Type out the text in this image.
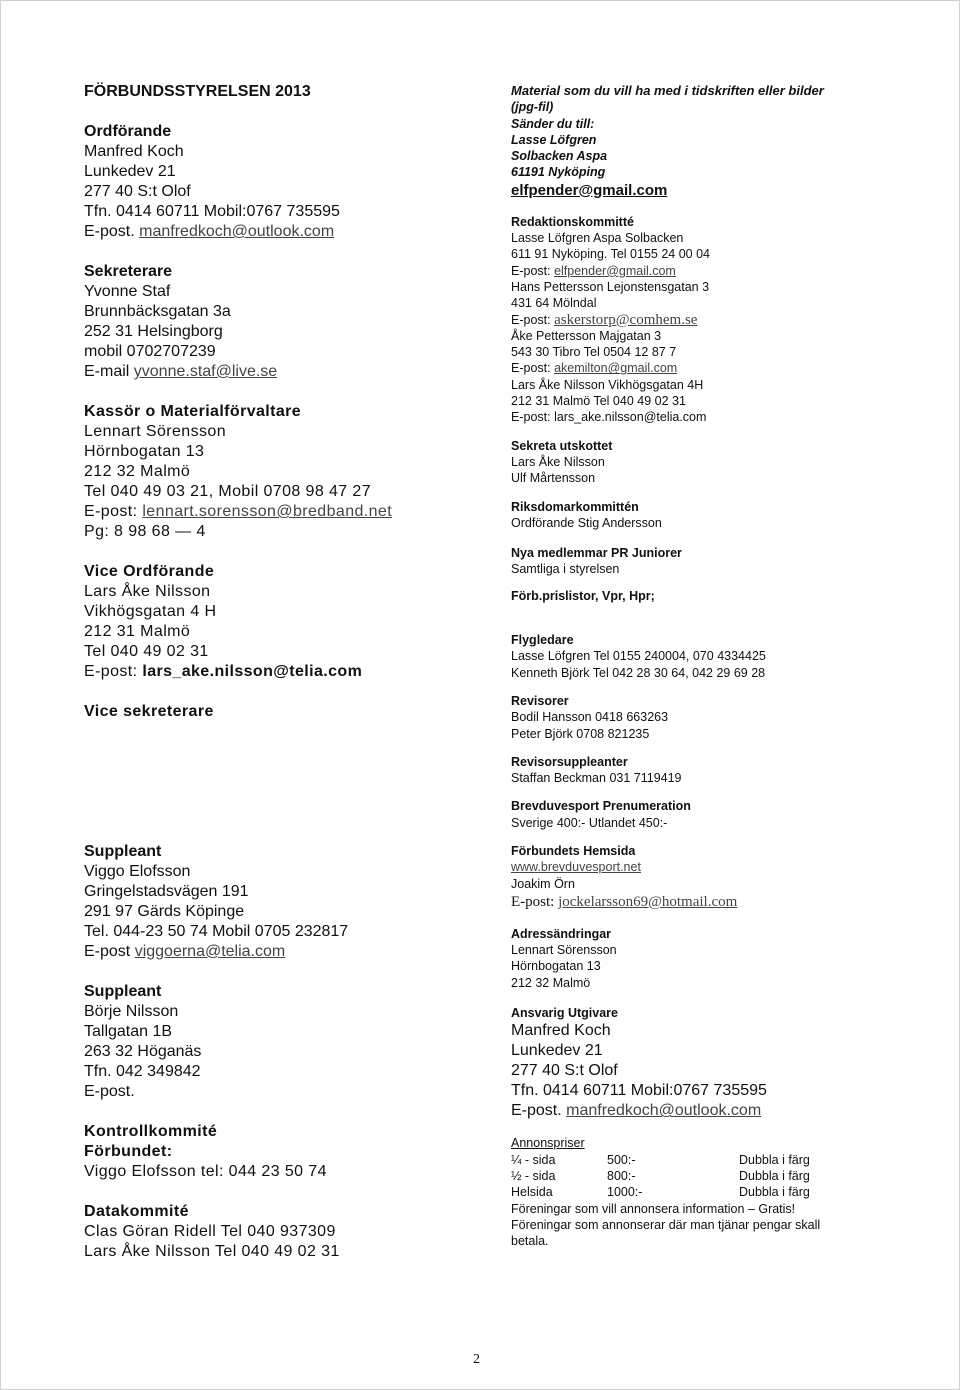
FÖRBUNDSSTYRELSEN 2013
Ordförande
Manfred Koch
Lunkedev 21
277 40 S:t Olof
Tfn. 0414 60711 Mobil:0767 735595
E-post. manfredkoch@outlook.com
Sekreterare
Yvonne Staf
Brunnbäcksgatan 3a
252 31 Helsingborg
mobil 0702707239
E-mail yvonne.staf@live.se
Kassör o Materialförvaltare
Lennart Sörensson
Hörnbogatan 13
212 32 Malmö
Tel 040 49 03 21, Mobil 0708 98 47 27
E-post: lennart.sorensson@bredband.net
Pg: 8 98 68 — 4
Vice Ordförande
Lars Åke Nilsson
Vikhögsgatan 4 H
212 31 Malmö
Tel 040 49 02 31
E-post: lars_ake.nilsson@telia.com
Vice sekreterare
Suppleant
Viggo Elofsson
Gringelstadsvägen 191
291 97 Gärds Köpinge
Tel. 044-23 50 74 Mobil 0705 232817
E-post viggoerna@telia.com
Suppleant
Börje Nilsson
Tallgatan 1B
263 32 Höganäs
Tfn. 042 349842
E-post.
Kontrollkommité
Förbundet:
Viggo Elofsson tel: 044 23 50 74
Datakommité
Clas Göran Ridell Tel 040 937309
Lars Åke Nilsson Tel 040 49 02 31
Material som du vill ha med i tidskriften eller bilder
(jpg-fil)
Sänder du till:
Lasse Löfgren
Solbacken Aspa
61191 Nyköping
elfpender@gmail.com
Redaktionskommitté
Lasse Löfgren Aspa Solbacken
611 91 Nyköping. Tel 0155 24 00 04
E-post: elfpender@gmail.com
Hans Pettersson Lejonstensgatan 3
431 64 Mölndal
E-post: askerstorp@comhem.se
Åke Pettersson Majgatan 3
543 30 Tibro Tel 0504 12 87 7
E-post: akemilton@gmail.com
Lars Åke Nilsson Vikhögsgatan 4H
212 31 Malmö Tel 040 49 02 31
E-post: lars_ake.nilsson@telia.com
Sekreta utskottet
Lars Åke Nilsson
Ulf Mårtensson
Riksdomarkommittén
Ordförande Stig Andersson
Nya medlemmar PR Juniorer
Samtliga i styrelsen
Förb.prislistor, Vpr, Hpr;
Flygledare
Lasse Löfgren Tel 0155 240004, 070 4334425
Kenneth Björk Tel 042 28 30 64, 042 29 69 28
Revisorer
Bodil Hansson 0418 663263
Peter Björk 0708 821235
Revisorsuppleanter
Staffan Beckman 031 7119419
Brevduvesport Prenumeration
Sverige 400:- Utlandet 450:-
Förbundets Hemsida
www.brevduvesport.net
Joakim Örn
E-post: jockelarsson69@hotmail.com
Adressändringar
Lennart Sörensson
Hörnbogatan 13
212 32 Malmö
Ansvarig Utgivare
Manfred Koch
Lunkedev 21
277 40 S:t Olof
Tfn. 0414 60711 Mobil:0767 735595
E-post. manfredkoch@outlook.com
Annonspriser
¼ - sida	500:-	Dubbla i färg
½ - sida	800:-	Dubbla i färg
Helsida	1000:-	Dubbla i färg
Föreningar som vill annonsera information – Gratis!
Föreningar som annonserar där man tjänar pengar skall
betala.
2
